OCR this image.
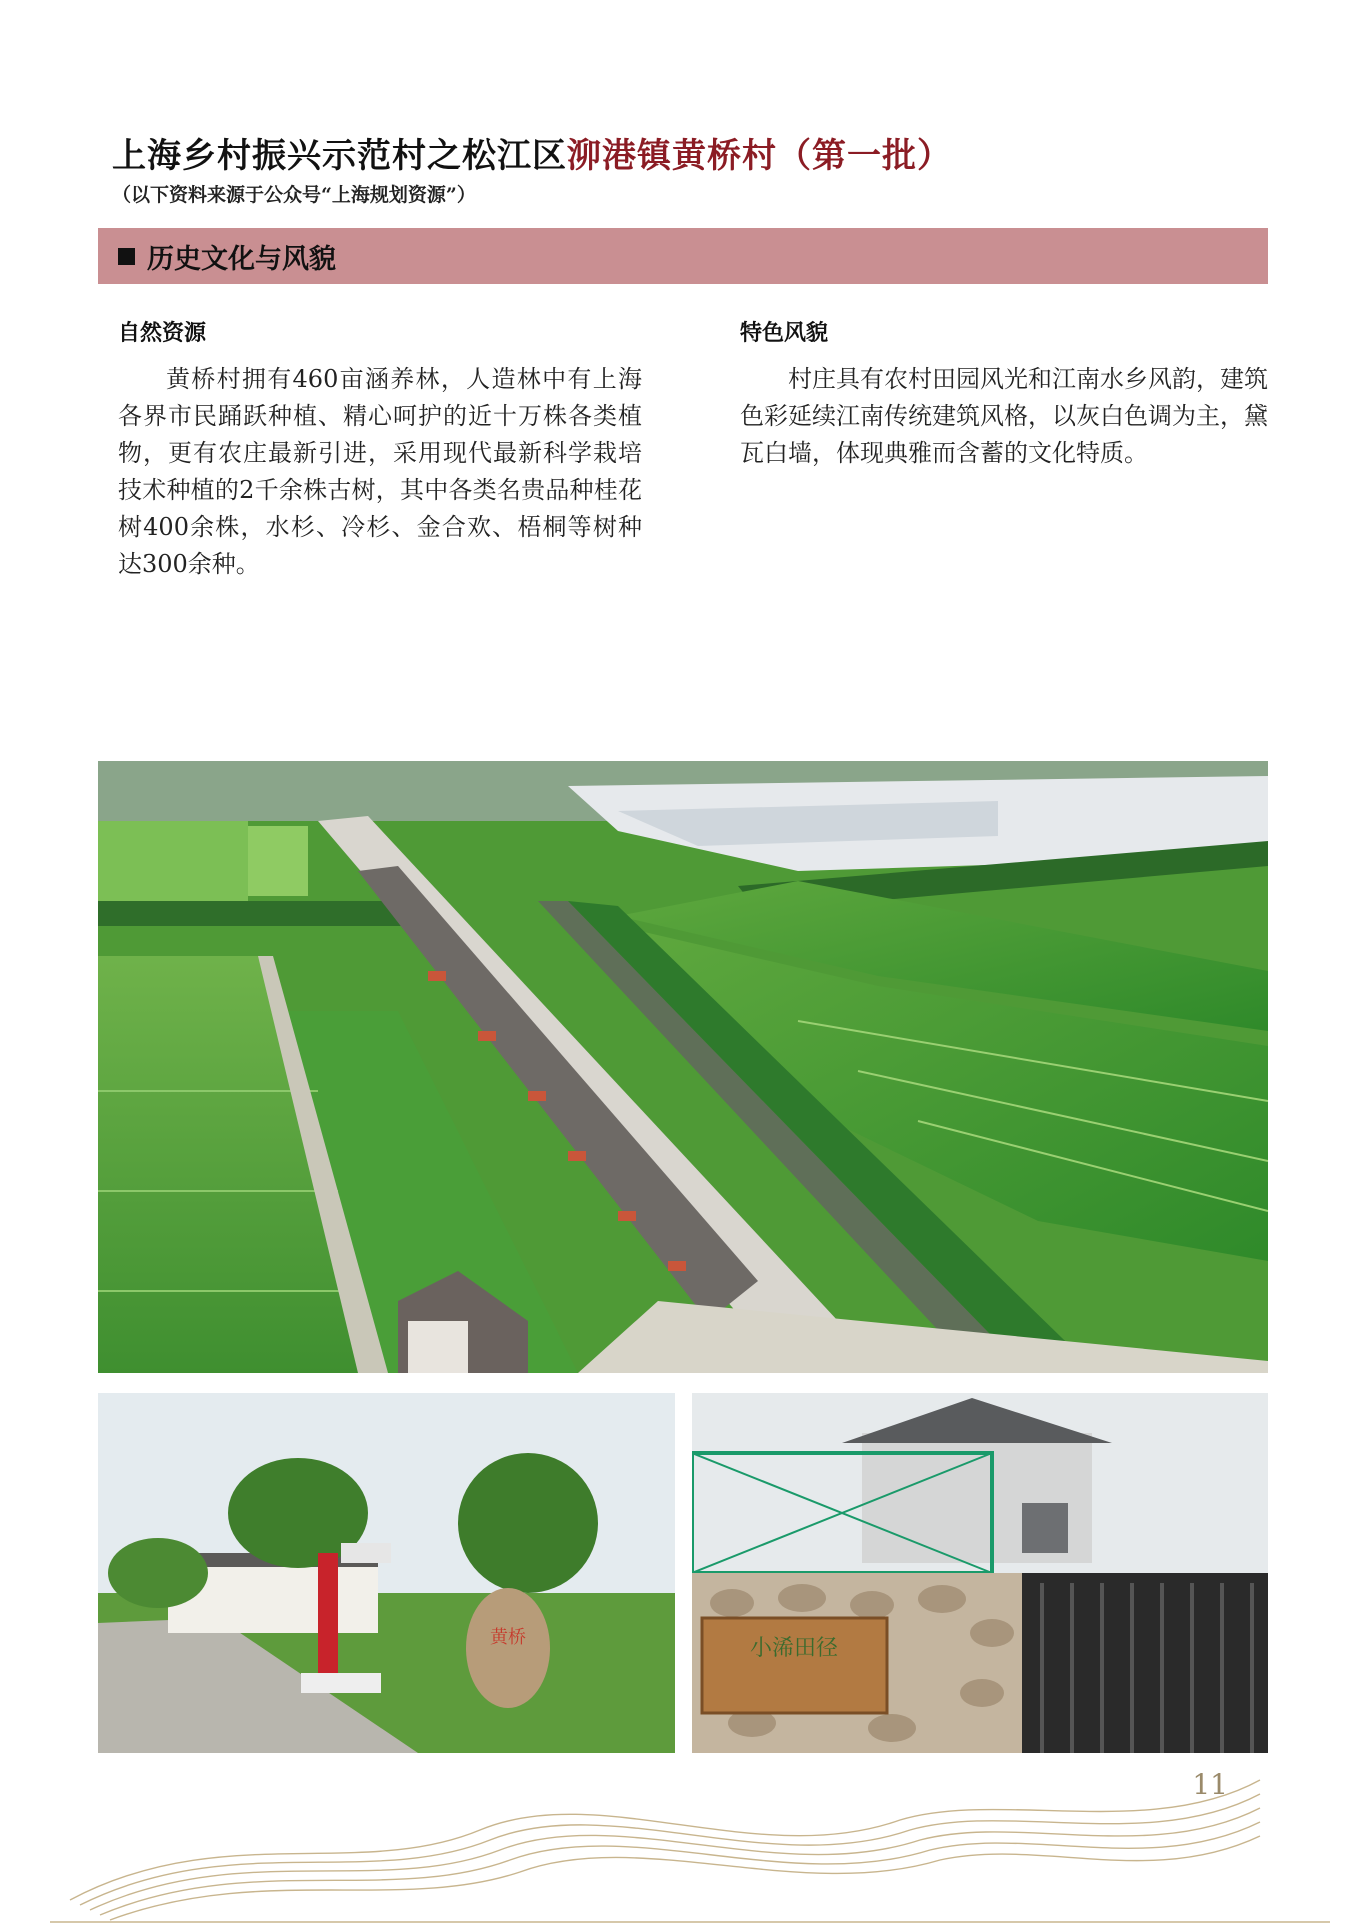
上海乡村振兴示范村之松江区泖港镇黄桥村（第一批）
（以下资料来源于公众号“上海规划资源”）
历史文化与风貌
自然资源

黄桥村拥有460亩涵养林，人造林中有上海各界市民踊跃种植、精心呵护的近十万株各类植物，更有农庄最新引进，采用现代最新科学栽培技术种植的2千余株古树，其中各类名贵品种桂花树400余株，水杉、冷杉、金合欢、梧桐等树种达300余种。

特色风貌

村庄具有农村田园风光和江南水乡风韵，建筑色彩延续江南传统建筑风格，以灰白色调为主，黛瓦白墙，体现典雅而含蓄的文化特质。

黄桥	小浠田径
11
